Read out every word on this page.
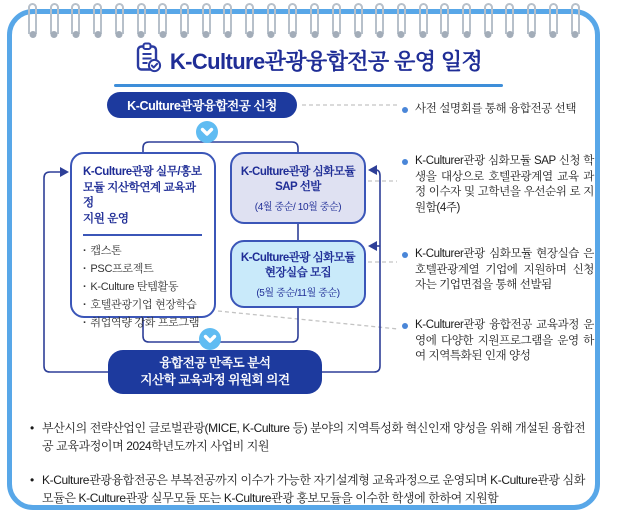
K-Culture관광융합전공 운영 일정
K-Culture관광융합전공 신청
K-Culture관광 실무/홍보
모듈 지산학연계 교육과정
지원 운영
· 캡스톤
· PSC프로젝트
· K-Culture 탄템활동
· 호텔관광기업 현장학습
· 취업역량 강화 프로그램
K-Culture관광 심화모듈
SAP 선발
(4월 중순/ 10월 중순)
K-Culture관광 심화모듈
현장실습 모집
(5월 중순/11월 중순)
융합전공 만족도 분석
지산학 교육과정 위원회 의견
사전 설명회를 통해 융합전공 선택
K-Culturer관광 심화모듈 SAP 신청 학생을 대상으로 호텔관광계열 교육 과정 이수자 및 고학년을 우선순위 로 지원함(4주)
K-Culturer관광 심화모듈 현장실습 은 호텔관광계열 기업에 지원하며 신청자는 기업면접을 통해 선발됨
K-Culturer관광 융합전공 교육과정 운영에 다양한 지원프로그램을 운영 하여 지역특화된 인재 양성
• 부산시의 전략산업인 글로벌관광(MICE, K-Culture 등) 분야의 지역특성화 혁신인재 양성을 위해 개설된 융합전공 교육과정이며 2024학년도까지 사업비 지원
• K-Culture관광융합전공은 부복전공까지 이수가 가능한 자기설계형 교육과정으로 운영되며 K-Culture관광 심화모듈은 K-Culture관광 실무모듈 또는 K-Culture관광 홍보모듈을 이수한 학생에 한하여 지원함
